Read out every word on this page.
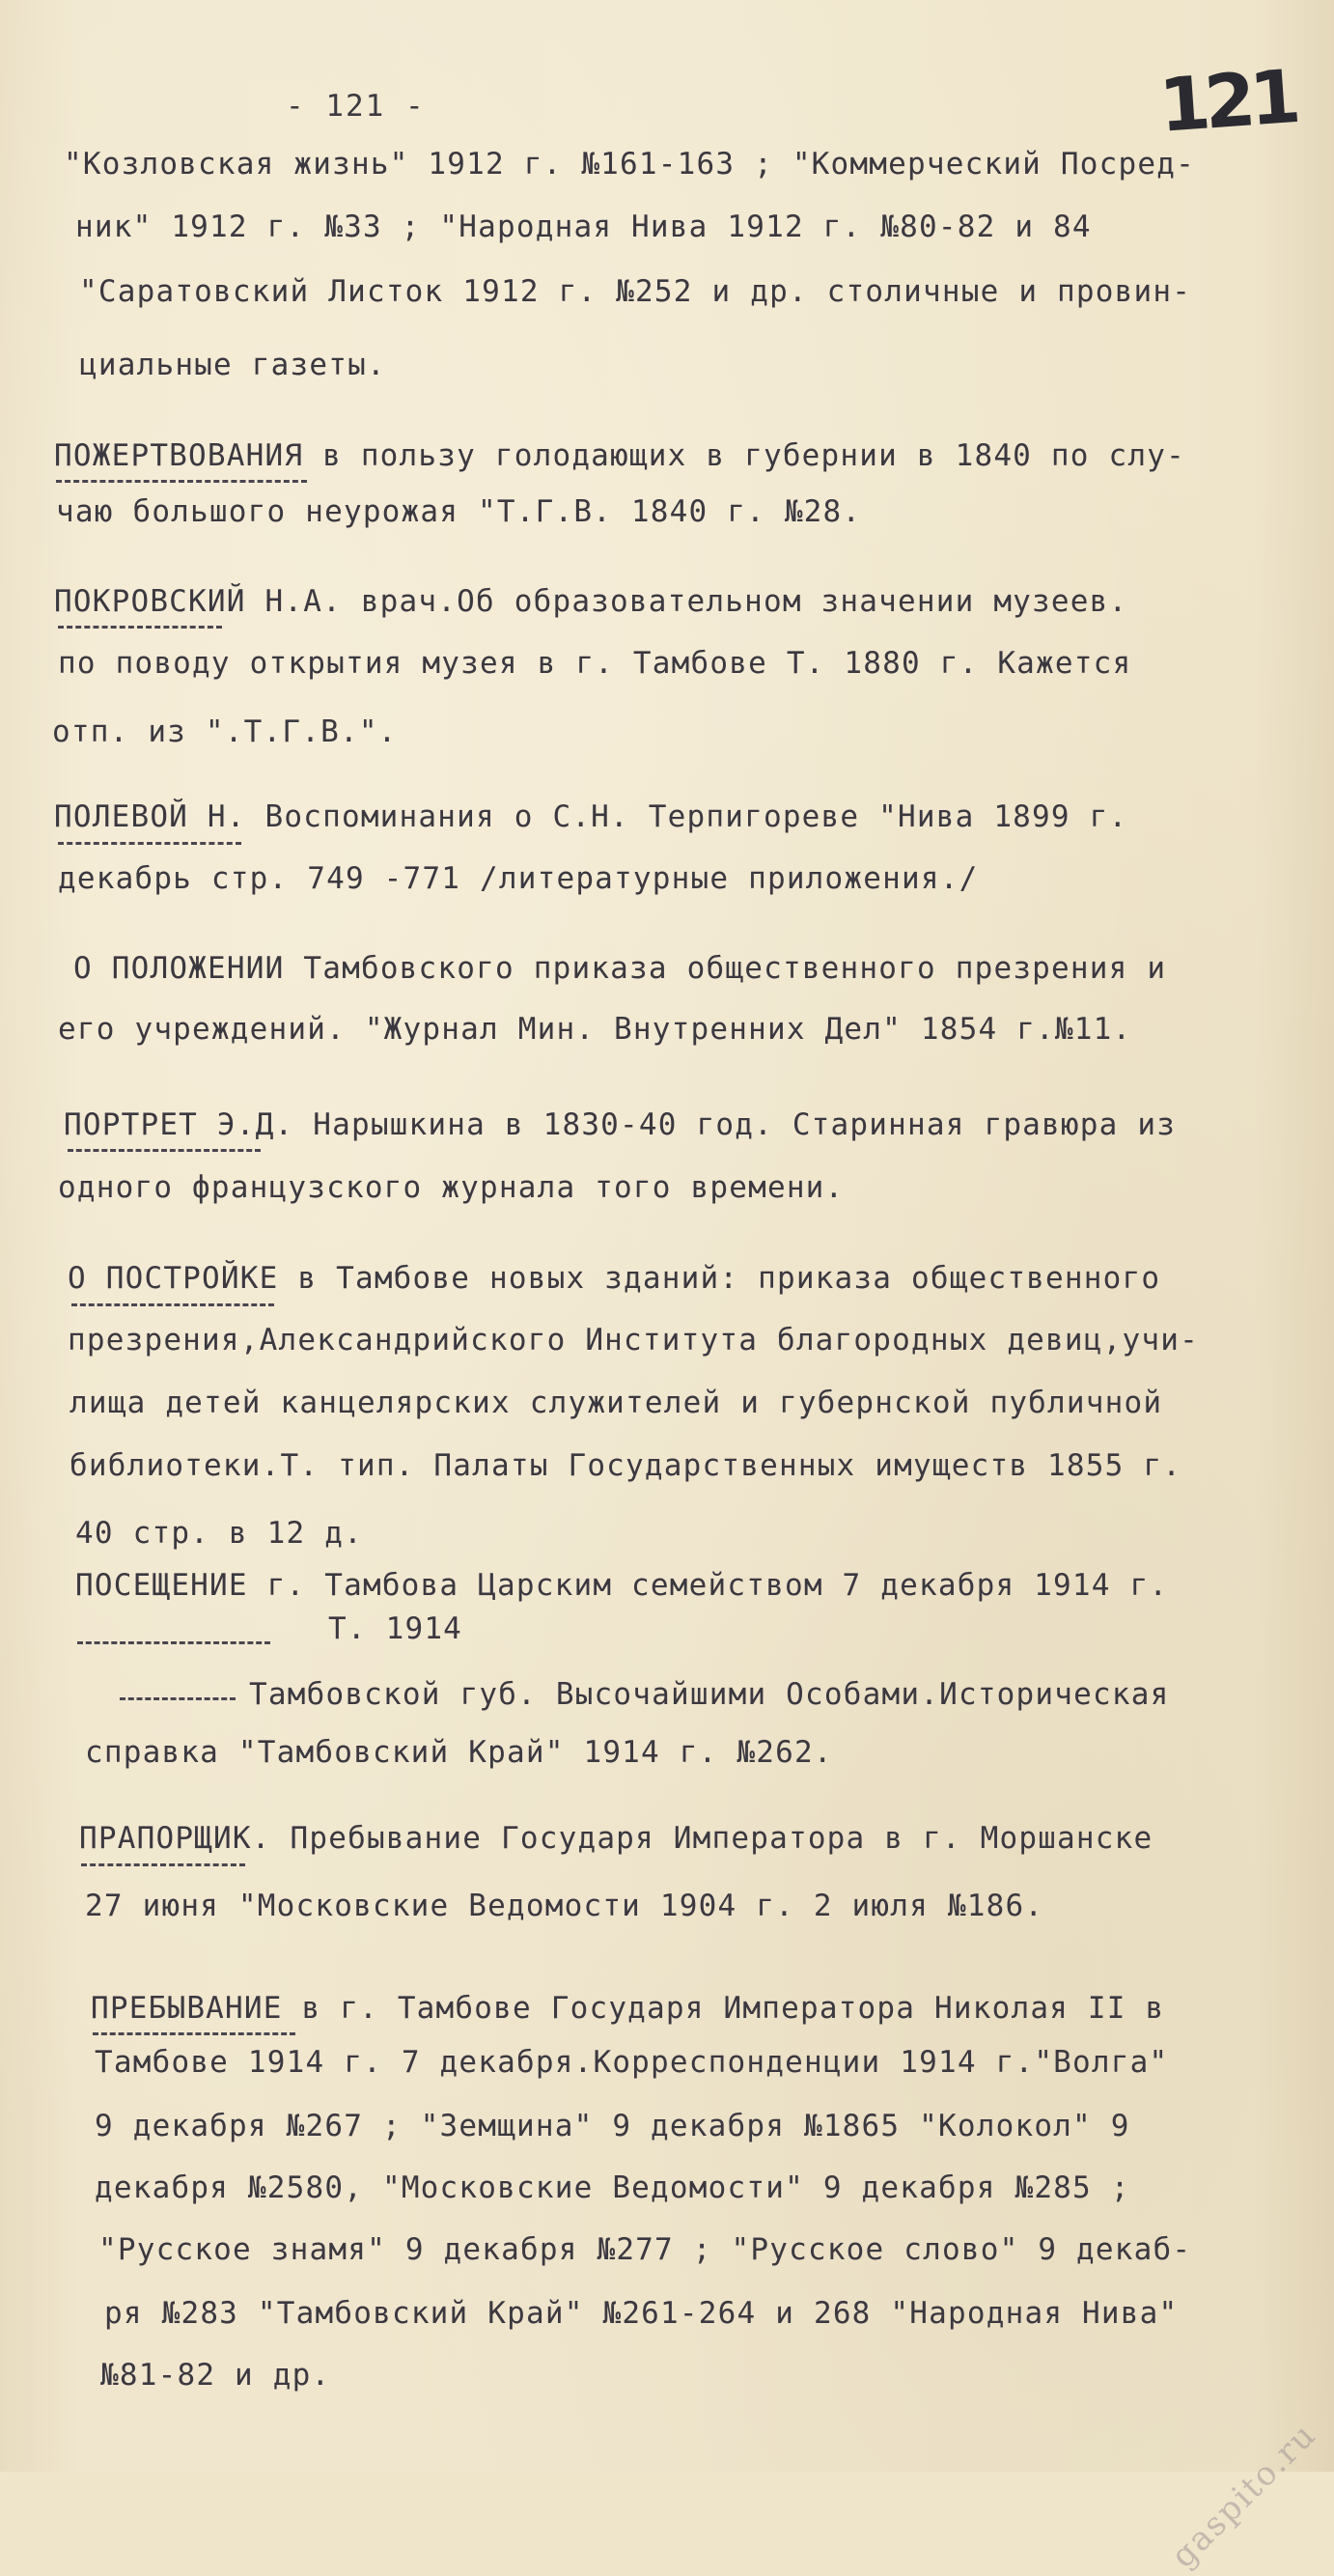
121
- 121 -
"Козловская жизнь" 1912 г. №161-163 ; "Коммерческий Посред-
ник" 1912 г. №33 ; "Народная Нива 1912 г. №80-82 и 84
"Саратовский Листок 1912 г. №252 и др. столичные и провин-
циальные газеты.
ПОЖЕРТВОВАНИЯ в пользу голодающих в губернии в 1840 по слу-
чаю большого неурожая "Т.Г.В. 1840 г. №28.
ПОКРОВСКИЙ Н.А. врач.Об образовательном значении музеев.
по поводу открытия музея в г. Тамбове Т. 1880 г. Кажется
отп. из ".Т.Г.В.".
ПОЛЕВОЙ Н. Воспоминания о С.Н. Терпигореве "Нива 1899 г.
декабрь стр. 749 -771 /литературные приложения./
О ПОЛОЖЕНИИ Тамбовского приказа общественного презрения и
его учреждений. "Журнал Мин. Внутренних Дел" 1854 г.№11.
ПОРТРЕТ Э.Д. Нарышкина в 1830-40 год. Старинная гравюра из
одного французского журнала того времени.
О ПОСТРОЙКЕ в Тамбове новых зданий: приказа общественного
презрения,Александрийского Института благородных девиц,учи-
лища детей канцелярских служителей и губернской публичной
библиотеки.Т. тип. Палаты Государственных имуществ 1855 г.
40 стр. в 12 д.
ПОСЕЩЕНИЕ г. Тамбова Царским семейством 7 декабря 1914 г.
Т. 1914
Тамбовской губ. Высочайшими Особами.Историческая
справка "Тамбовский Край" 1914 г. №262.
ПРАПОРЩИК. Пребывание Государя Императора в г. Моршанске
27 июня "Московские Ведомости 1904 г. 2 июля №186.
ПРЕБЫВАНИЕ в г. Тамбове Государя Императора Николая II в
Тамбове 1914 г. 7 декабря.Корреспонденции 1914 г."Волга"
9 декабря №267 ; "Земщина" 9 декабря №1865 "Колокол" 9
декабря №2580, "Московские Ведомости" 9 декабря №285 ;
"Русское знамя" 9 декабря №277 ; "Русское слово" 9 декаб-
ря №283 "Тамбовский Край" №261-264 и 268 "Народная Нива"
№81-82 и др.
gaspito.ru
